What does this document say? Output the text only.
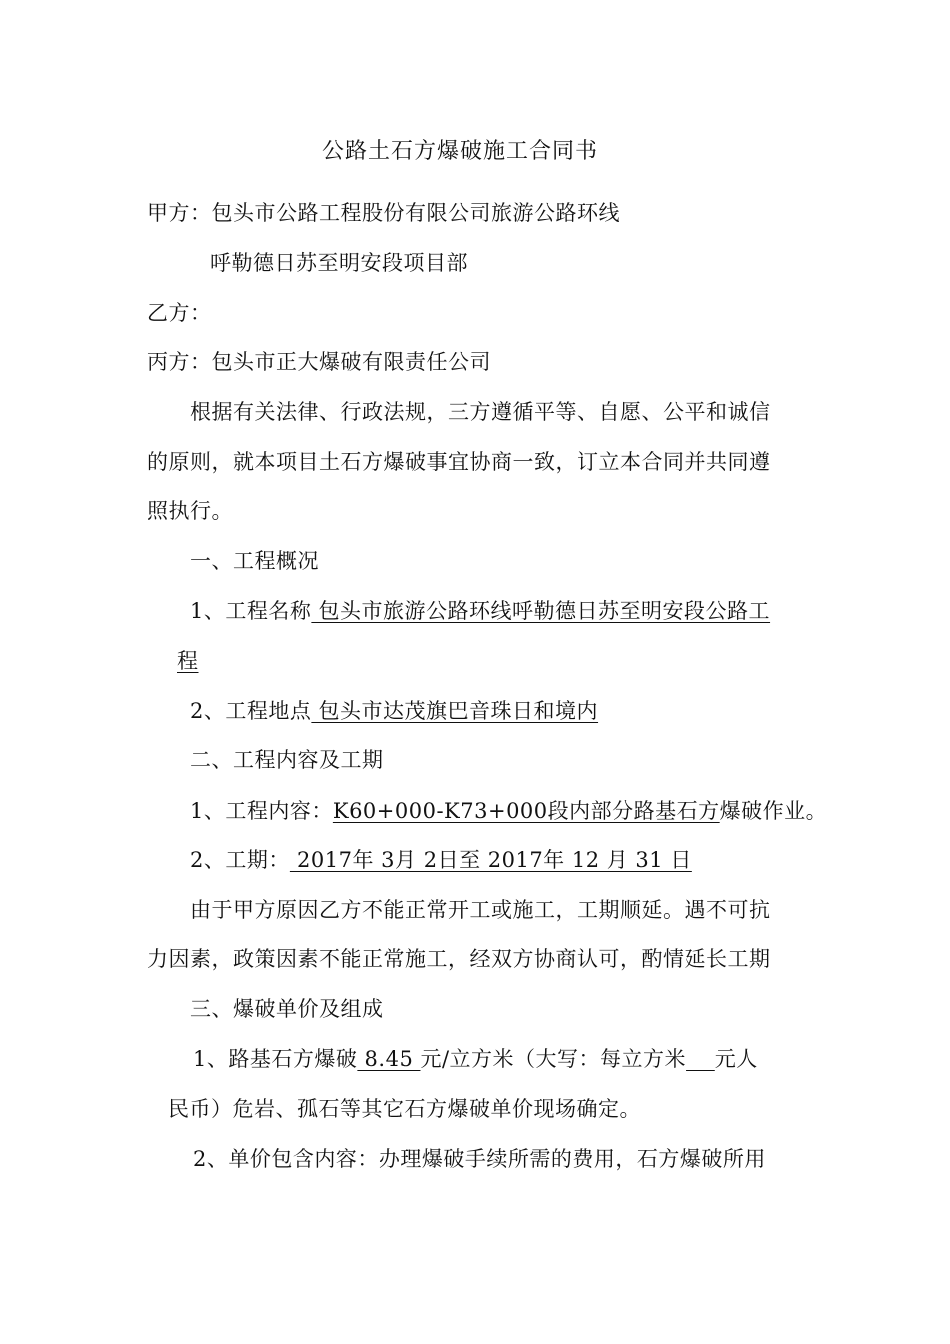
公路土石方爆破施工合同书
甲方：包头市公路工程股份有限公司旅游公路环线
呼勒德日苏至明安段项目部
乙方：
丙方：包头市正大爆破有限责任公司
根据有关法律、行政法规，三方遵循平等、自愿、公平和诚信
的原则，就本项目土石方爆破事宜协商一致，订立本合同并共同遵
照执行。
一、工程概况
1、工程名称 包头市旅游公路环线呼勒德日苏至明安段公路工
程
2、工程地点 包头市达茂旗巴音珠日和境内
二、工程内容及工期
1、工程内容：K60+000-K73+000段内部分路基石方爆破作业。
2、工期： 2017年 3月 2日至 2017年 12 月 31 日
由于甲方原因乙方不能正常开工或施工，工期顺延。遇不可抗
力因素，政策因素不能正常施工，经双方协商认可，酌情延长工期
三、爆破单价及组成
1、路基石方爆破 8.45 元/立方米（大写：每立方米 元人
民币）危岩、孤石等其它石方爆破单价现场确定。
2、单价包含内容：办理爆破手续所需的费用，石方爆破所用
